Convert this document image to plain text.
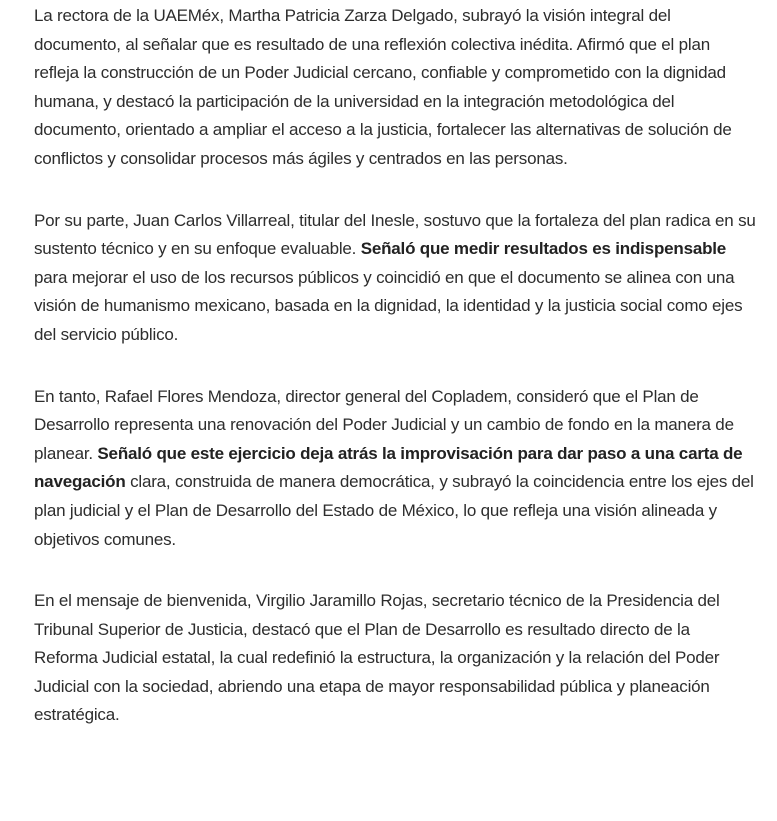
La rectora de la UAEMéx, Martha Patricia Zarza Delgado, subrayó la visión integral del documento, al señalar que es resultado de una reflexión colectiva inédita. Afirmó que el plan refleja la construcción de un Poder Judicial cercano, confiable y comprometido con la dignidad humana, y destacó la participación de la universidad en la integración metodológica del documento, orientado a ampliar el acceso a la justicia, fortalecer las alternativas de solución de conflictos y consolidar procesos más ágiles y centrados en las personas.

Por su parte, Juan Carlos Villarreal, titular del Inesle, sostuvo que la fortaleza del plan radica en su sustento técnico y en su enfoque evaluable. Señaló que medir resultados es indispensable para mejorar el uso de los recursos públicos y coincidió en que el documento se alinea con una visión de humanismo mexicano, basada en la dignidad, la identidad y la justicia social como ejes del servicio público.

En tanto, Rafael Flores Mendoza, director general del Copladem, consideró que el Plan de Desarrollo representa una renovación del Poder Judicial y un cambio de fondo en la manera de planear. Señaló que este ejercicio deja atrás la improvisación para dar paso a una carta de navegación clara, construida de manera democrática, y subrayó la coincidencia entre los ejes del plan judicial y el Plan de Desarrollo del Estado de México, lo que refleja una visión alineada y objetivos comunes.

En el mensaje de bienvenida, Virgilio Jaramillo Rojas, secretario técnico de la Presidencia del Tribunal Superior de Justicia, destacó que el Plan de Desarrollo es resultado directo de la Reforma Judicial estatal, la cual redefinió la estructura, la organización y la relación del Poder Judicial con la sociedad, abriendo una etapa de mayor responsabilidad pública y planeación estratégica.
